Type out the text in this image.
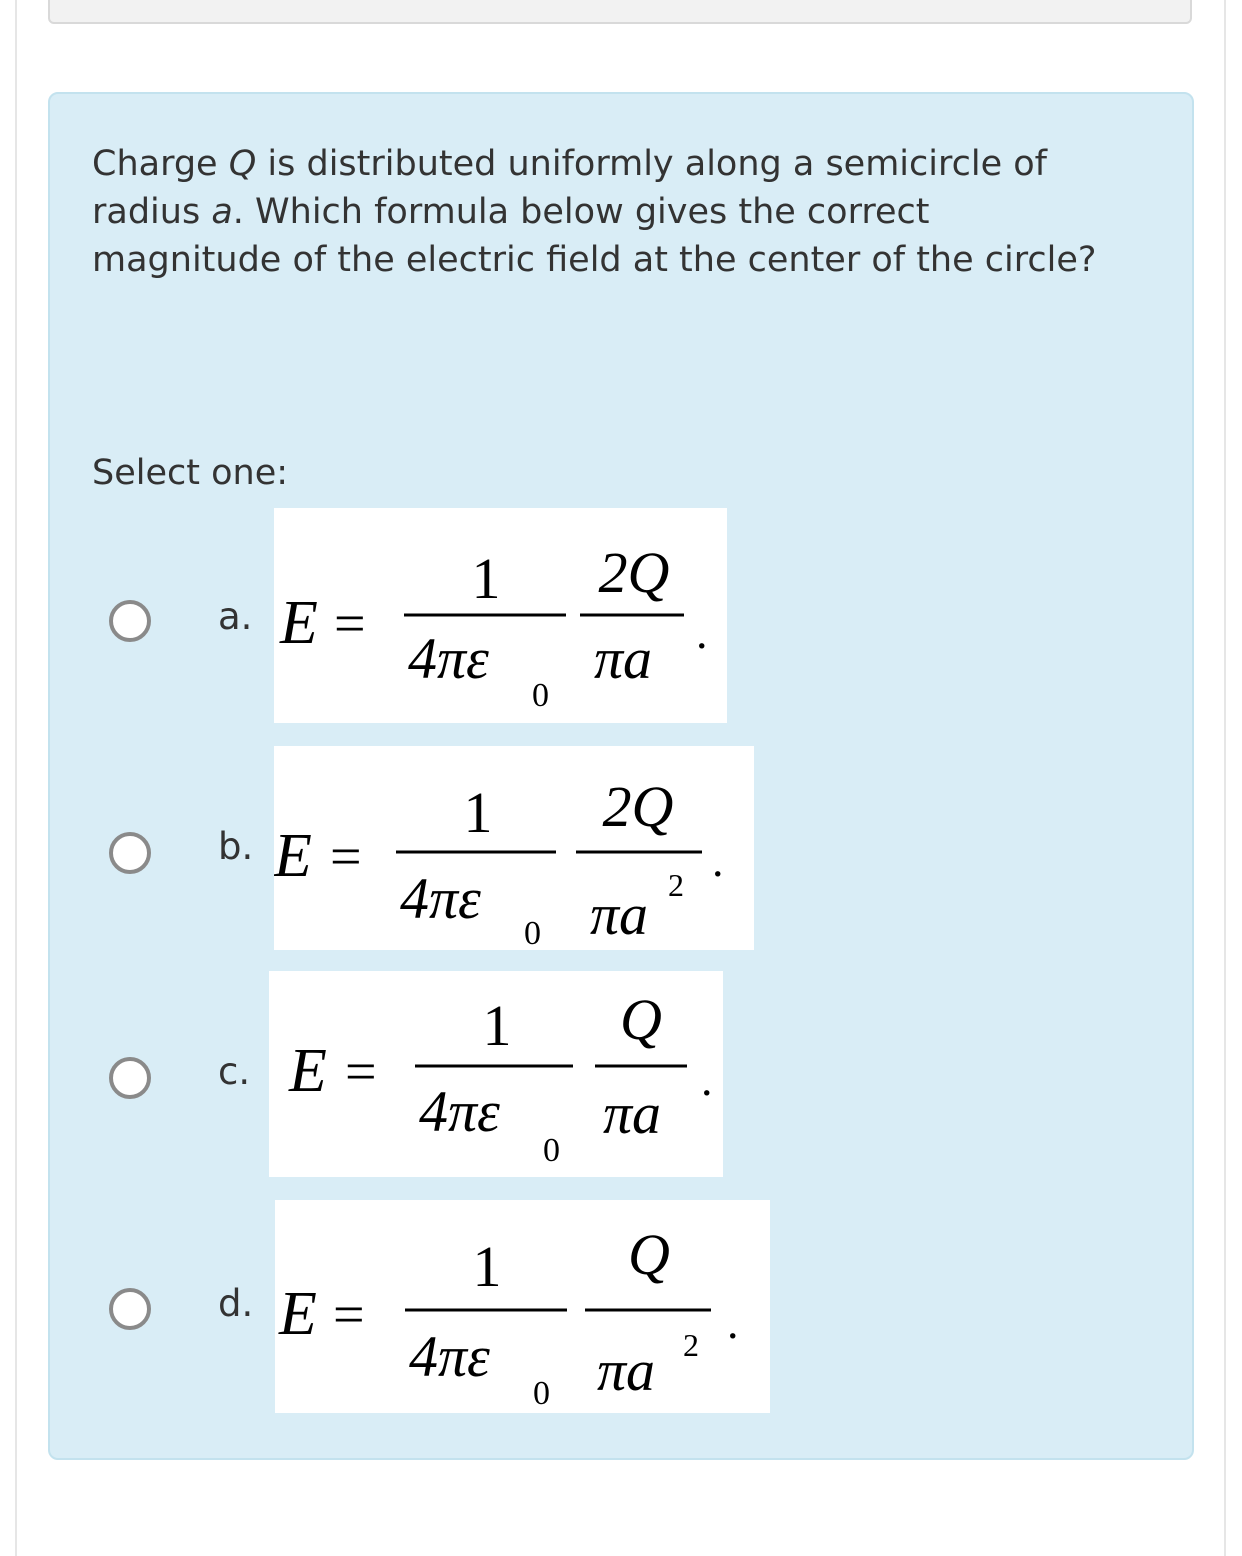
Charge Q is distributed uniformly along a semicircle of radius a. Which formula below gives the correct magnitude of the electric field at the center of the circle?

Select one:
a. E =
1
4πε
0
2Q
πa .
b. E =
1
4πε
0
2Q
πa 2 .
c. E =
1
4πε
0
Q
πa
.
d. E =
1
4πε
0
Q
πa 2 .
